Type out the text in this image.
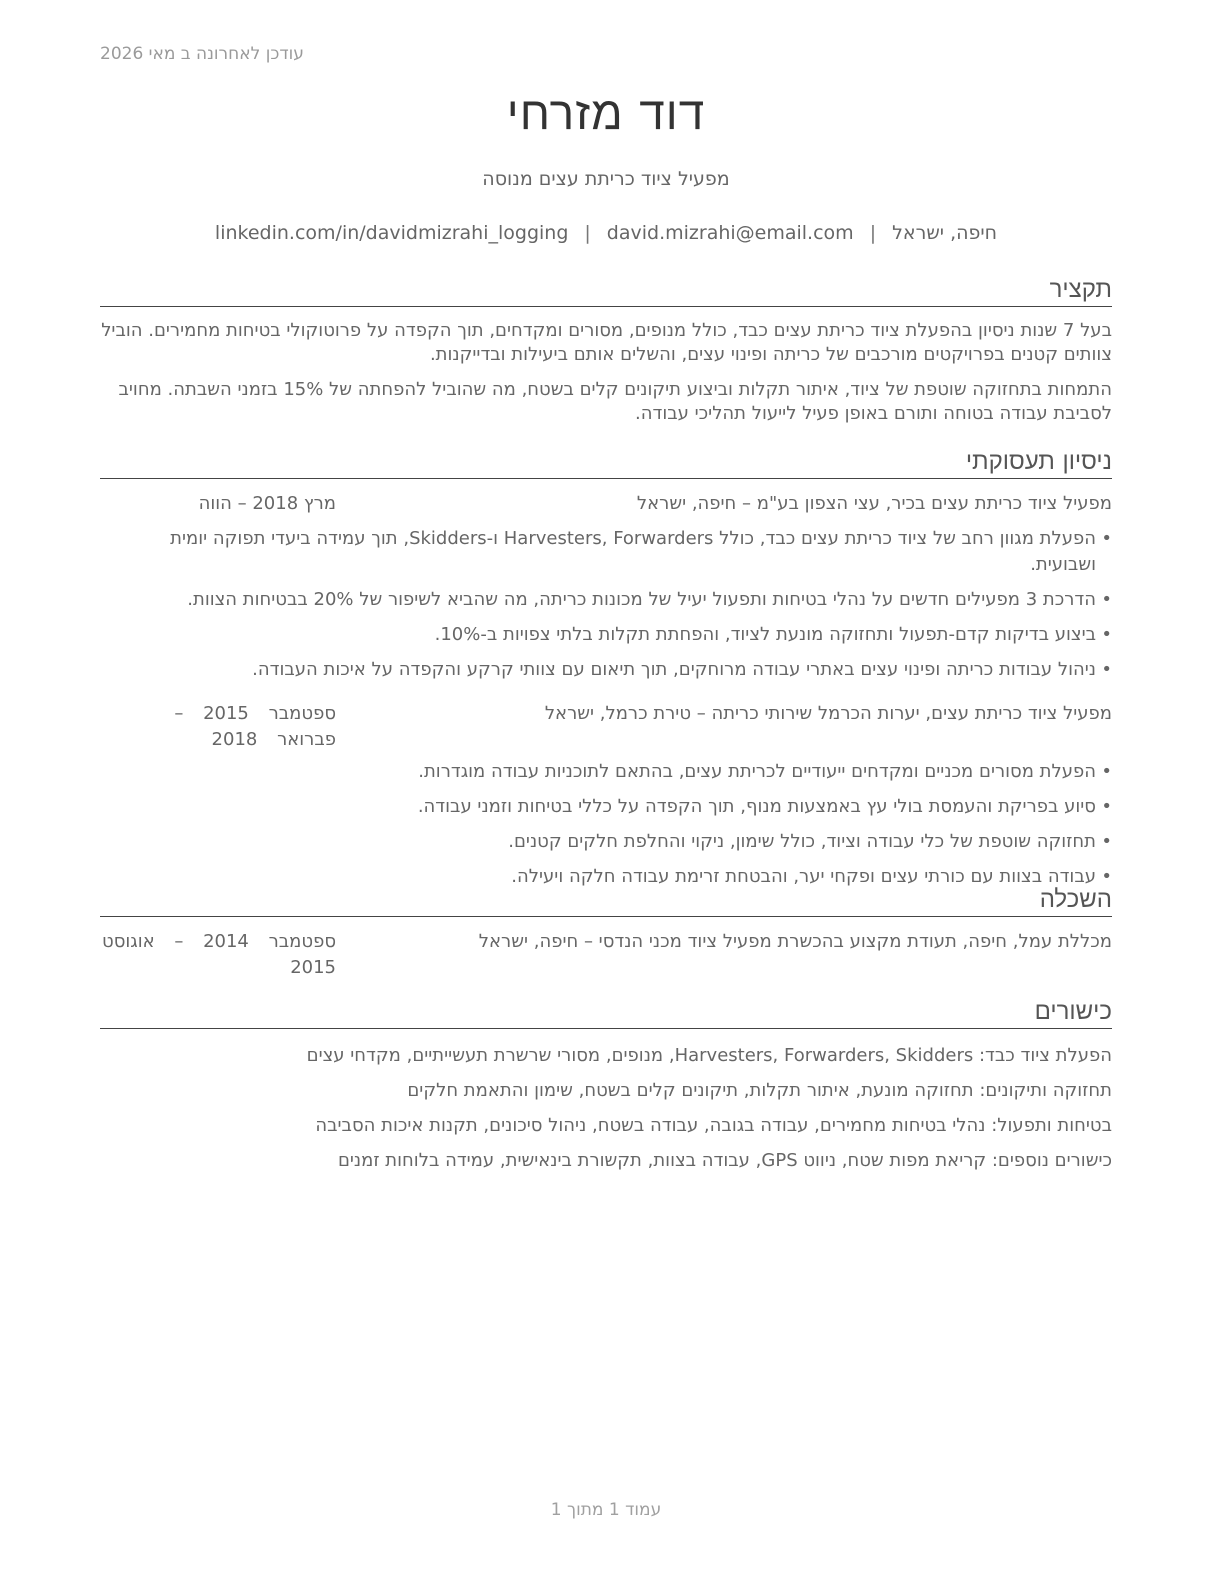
עודכן לאחרונה ב מאי 2026
דוד מזרחי
מפעיל ציוד כריתת עצים מנוסה
חיפה, ישראל|david.mizrahi@email.com|linkedin.com/in/davidmizrahi_logging
תקציר
בעל 7 שנות ניסיון בהפעלת ציוד כריתת עצים כבד, כולל מנופים, מסורים ומקדחים, תוך הקפדה על פרוטוקולי בטיחות מחמירים. הוביל צוותים קטנים בפרויקטים מורכבים של כריתה ופינוי עצים, והשלים אותם ביעילות ובדייקנות.
התמחות בתחזוקה שוטפת של ציוד, איתור תקלות וביצוע תיקונים קלים בשטח, מה שהוביל להפחתה של 15% בזמני השבתה. מחויב לסביבת עבודה בטוחה ותורם באופן פעיל לייעול תהליכי עבודה.
ניסיון תעסוקתי
מפעיל ציוד כריתת עצים בכיר, עצי הצפון בע"מ – חיפה, ישראל
מרץ 2018 – הווה
• הפעלת מגוון רחב של ציוד כריתת עצים כבד, כולל Harvesters, Forwarders ו-Skidders, תוך עמידה ביעדי תפוקה יומית ושבועית.
• הדרכת 3 מפעילים חדשים על נהלי בטיחות ותפעול יעיל של מכונות כריתה, מה שהביא לשיפור של 20% בבטיחות הצוות.
• ביצוע בדיקות קדם-תפעול ותחזוקה מונעת לציוד, והפחתת תקלות בלתי צפויות ב-10%.
• ניהול עבודות כריתה ופינוי עצים באתרי עבודה מרוחקים, תוך תיאום עם צוותי קרקע והקפדה על איכות העבודה.
מפעיל ציוד כריתת עצים, יערות הכרמל שירותי כריתה – טירת כרמל, ישראל
ספטמבר 2015 – פברואר 2018
• הפעלת מסורים מכניים ומקדחים ייעודיים לכריתת עצים, בהתאם לתוכניות עבודה מוגדרות.
• סיוע בפריקת והעמסת בולי עץ באמצעות מנוף, תוך הקפדה על כללי בטיחות וזמני עבודה.
• תחזוקה שוטפת של כלי עבודה וציוד, כולל שימון, ניקוי והחלפת חלקים קטנים.
• עבודה בצוות עם כורתי עצים ופקחי יער, והבטחת זרימת עבודה חלקה ויעילה.
השכלה
מכללת עמל, חיפה, תעודת מקצוע בהכשרת מפעיל ציוד מכני הנדסי – חיפה, ישראל
ספטמבר 2014 – אוגוסט 2015
כישורים
הפעלת ציוד כבד: Harvesters, Forwarders, Skidders, מנופים, מסורי שרשרת תעשייתיים, מקדחי עצים
תחזוקה ותיקונים: תחזוקה מונעת, איתור תקלות, תיקונים קלים בשטח, שימון והתאמת חלקים
בטיחות ותפעול: נהלי בטיחות מחמירים, עבודה בגובה, עבודה בשטח, ניהול סיכונים, תקנות איכות הסביבה
כישורים נוספים: קריאת מפות שטח, ניווט GPS, עבודה בצוות, תקשורת בינאישית, עמידה בלוחות זמנים
עמוד 1 מתוך 1
